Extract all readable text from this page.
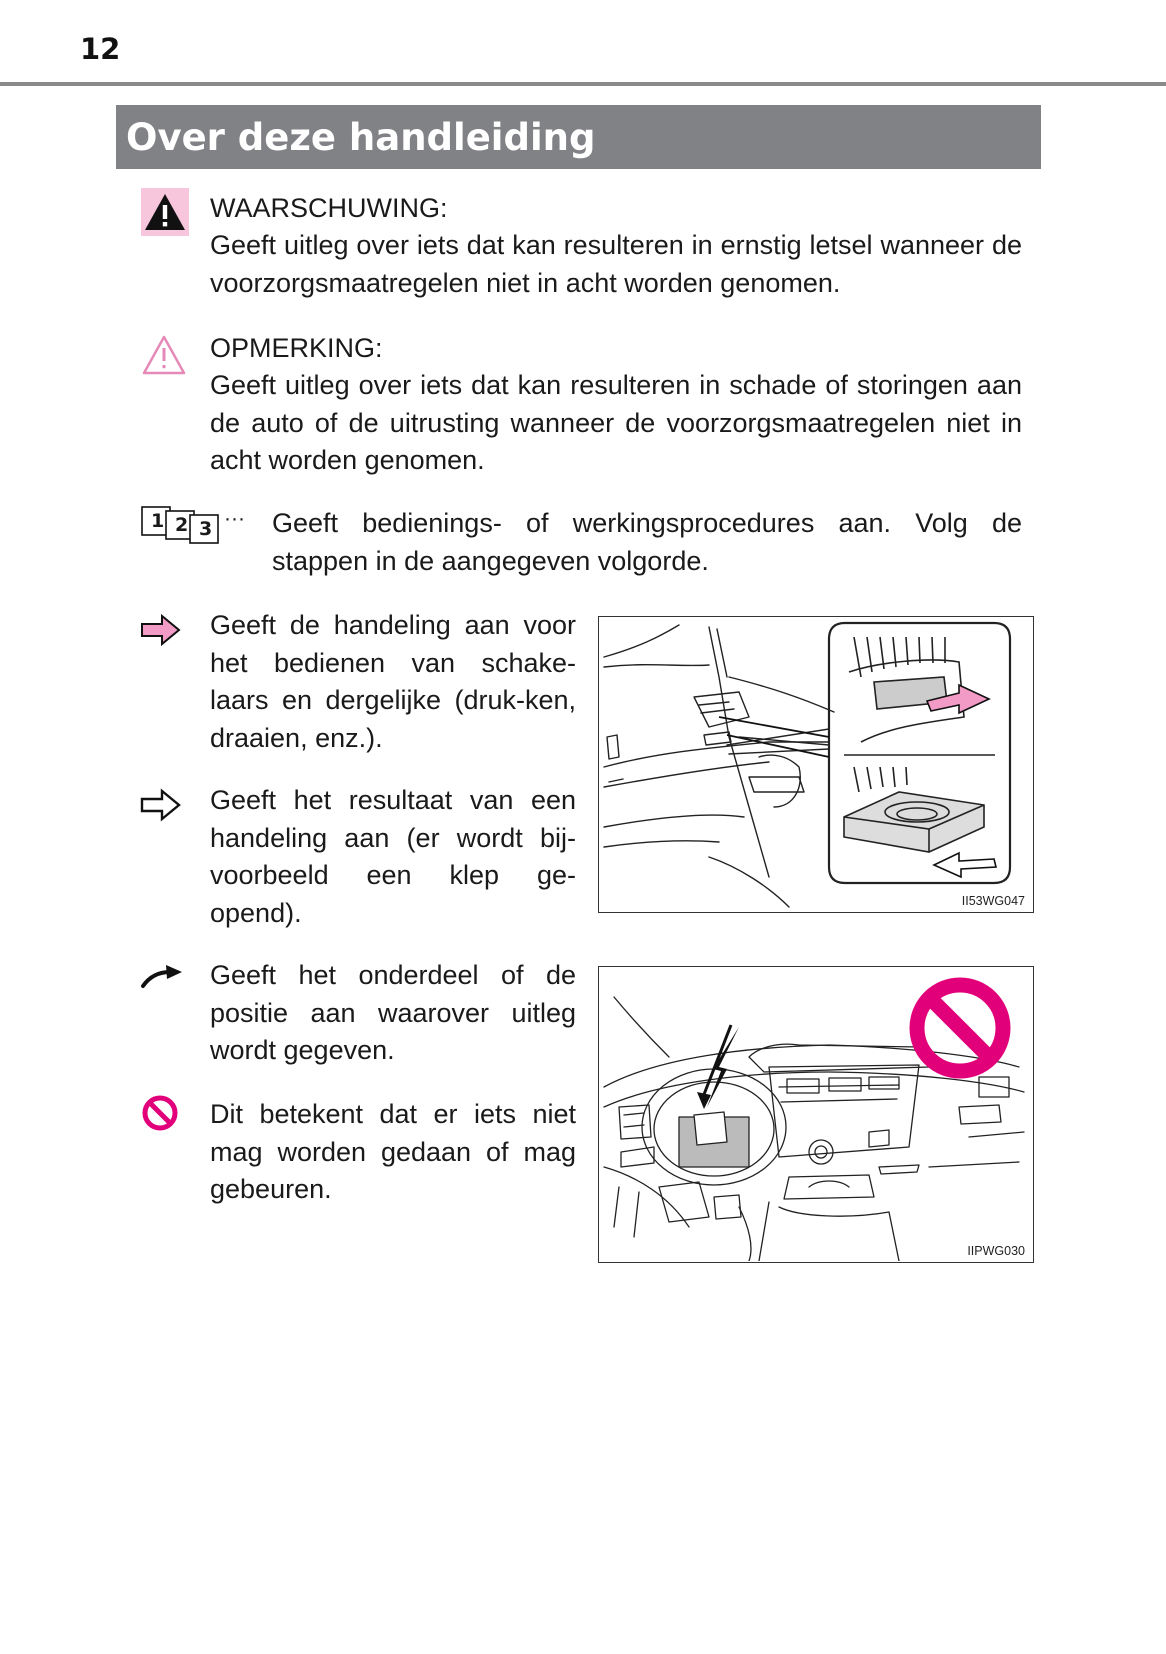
12
Over deze handleiding

WAARSCHUWING:

Geeft uitleg over iets dat kan resulteren in ernstig letsel wanneer de voorzorgsmaatregelen niet in acht worden genomen.

OPMERKING:

Geeft uitleg over iets dat kan resulteren in schade of storingen aan de auto of de uitrusting wanneer de voorzorgsmaatregelen niet in acht worden genomen.

1 2 3 ··· Geeft bedienings- of werkingsprocedures aan. Volg de stappen in de aangegeven volgorde.

Geeft de handeling aan voor het bedienen van schake-laars en dergelijke (druk-ken, draaien, enz.).

Geeft het resultaat van een handeling aan (er wordt bij-voorbeeld een klep ge-opend).

Geeft het onderdeel of de positie aan waarover uitleg wordt gegeven.

Dit betekent dat er iets niet mag worden gedaan of mag gebeuren.

II53WG047
IIPWG030
